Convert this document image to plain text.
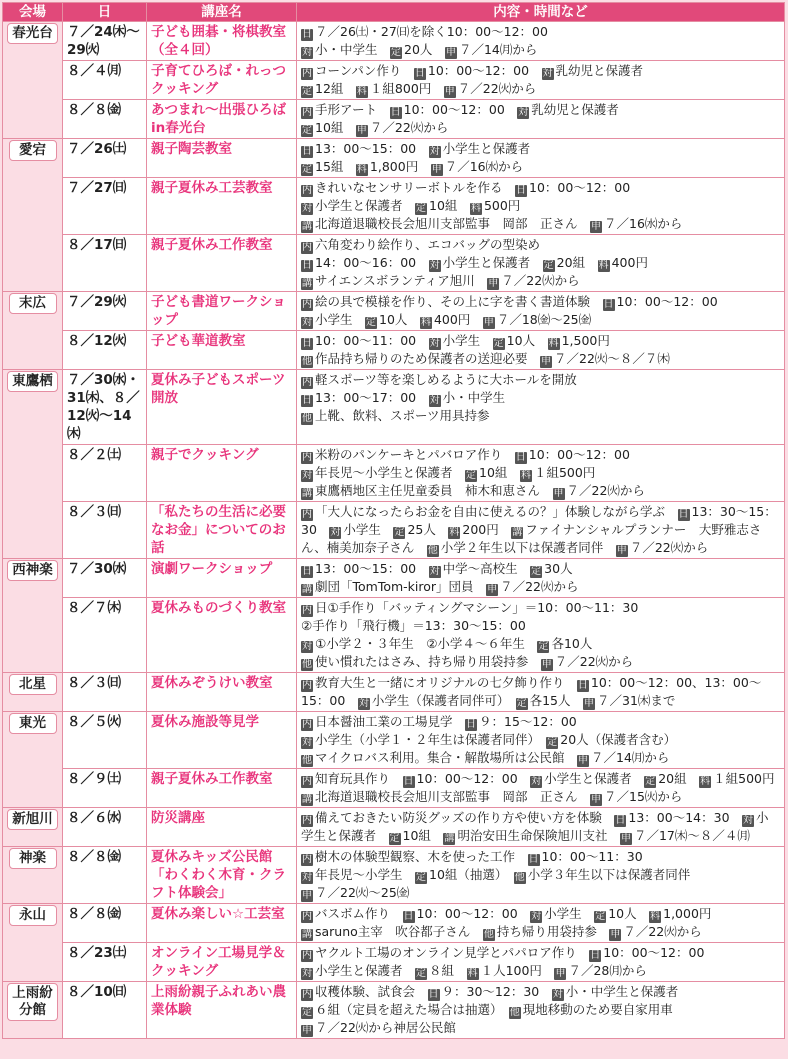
会場	日	講座名	内容・時間など
春光台	７／24㈭～29㈫	子ども囲碁・将棋教室（全４回）	日 ７／26㈯・27㈰を除く10：00～12：00
対 小・中学生　 定 20人　 申 ７／14㈪から

	８／４㈪	子育てひろば・れっつクッキング	内 コーンパン作り　 日 10：00～12：00　 対 乳幼児と保護者
定 12組　 料 １組800円　 申 ７／22㈫から

	８／８㈮	あつまれ～出張ひろばin春光台	内 手形アート　 日 10：00～12：00　 対 乳幼児と保護者
定 10組　 申 ７／22㈫から

愛宕	７／26㈯	親子陶芸教室	日 13：00～15：00　 対 小学生と保護者
定 15組　 料 1,800円　 申 ７／16㈬から

	７／27㈰	親子夏休み工芸教室	内 きれいなセンサリーボトルを作る　 日 10：00～12：00
対 小学生と保護者　 定 10組　 料 500円
講 北海道退職校長会旭川支部監事　岡部　正さん　 申 ７／16㈬から

	８／17㈰	親子夏休み工作教室	内 六角変わり絵作り、エコバッグの型染め
日 14：00～16：00　 対 小学生と保護者　 定 20組　 料 400円
講 サイエンスボランティア旭川　 申 ７／22㈫から

末広	７／29㈫	子ども書道ワークショップ	内 絵の具で模様を作り、その上に字を書く書道体験　 日 10：00～12：00
対 小学生　 定 10人　 料 400円　 申 ７／18㈮～25㈮

	８／12㈫	子ども華道教室	日 10：00～11：00　 対 小学生　 定 10人　 料 1,500円
他 作品持ち帰りのため保護者の送迎必要　 申 ７／22㈫～８／７㈭

東鷹栖	７／30㈬・31㈭、８／12㈫～14㈭	夏休み子どもスポーツ開放	内 軽スポーツ等を楽しめるように大ホールを開放
日 13：00～17：00　 対 小・中学生
他 上靴、飲料、スポーツ用具持参

	８／２㈯	親子でクッキング	内 米粉のパンケーキとパバロア作り　 日 10：00～12：00
対 年長児～小学生と保護者　 定 10組　 料 １組500円
講 東鷹栖地区主任児童委員　柿木和恵さん　 申 ７／22㈫から

	８／３㈰	「私たちの生活に必要なお金」についてのお話	内 「大人になったらお金を自由に使えるの？」体験しながら学ぶ　 日 13：30～15：30　 対 小学生　 定 25人　 料 200円　 講 ファイナンシャルプランナー　大野雅志さん、楠美加奈子さん　 他 小学２年生以下は保護者同伴　 申 ７／22㈫から

西神楽	７／30㈬	演劇ワークショップ	日 13：00～15：00　 対 中学～高校生　 定 30人
講 劇団「TomTom-kiror」団員　 申 ７／22㈫から

	８／７㈭	夏休みものづくり教室	内 日①手作り「バッティングマシーン」＝10：00～11：30
②手作り「飛行機」＝13：30～15：00
対 ①小学２・３年生　②小学４～６年生　 定 各10人
他 使い慣れたはさみ、持ち帰り用袋持参　 申 ７／22㈫から

北星	８／３㈰	夏休みぞうけい教室	内 教育大生と一緒にオリジナルの七夕飾り作り　 日 10：00～12：00、13：00～15：00　 対 小学生（保護者同伴可）　 定 各15人　 申 ７／31㈭まで

東光	８／５㈫	夏休み施設等見学	内 日本醤油工業の工場見学　 日 ９：15～12：00
対 小学生（小学１・２年生は保護者同伴）　 定 20人（保護者含む）
他 マイクロバス利用。集合・解散場所は公民館　 申 ７／14㈪から

	８／９㈯	親子夏休み工作教室	内 知育玩具作り　 日 10：00～12：00　 対 小学生と保護者　 定 20組　 料 １組500円　講 北海道退職校長会旭川支部監事　岡部　正さん　 申 ７／15㈫から

新旭川	８／６㈬	防災講座	内 備えておきたい防災グッズの作り方や使い方を体験　 日 13：00～14：30　 対 小学生と保護者　 定 10組　 講 明治安田生命保険旭川支社　 申 ７／17㈭～８／４㈪

神楽	８／８㈮	夏休みキッズ公民館「わくわく木育・クラフト体験会」	内 樹木の体験型観察、木を使った工作　 日 10：00～11：30
対 年長児～小学生　 定 10組（抽選）　 他 小学３年生以下は保護者同伴
申 ７／22㈫～25㈮

永山	８／８㈮	夏休み楽しい☆工芸室	内 バスボム作り　 日 10：00～12：00　 対 小学生　 定 10人　 料 1,000円
講 saruno主宰　吹谷都子さん　 他 持ち帰り用袋持参　 申 ７／22㈫から

	８／23㈯	オンライン工場見学＆クッキング	内 ヤクルト工場のオンライン見学とパパロア作り　 日 10：00～12：00
対 小学生と保護者　 定 ８組　 料 １人100円　 申 ７／28㈪から

上雨紛分館	８／10㈰	上雨紛親子ふれあい農業体験	内 収穫体験、試食会　 日 ９：30～12：30　 対 小・中学生と保護者
定 ６組（定員を超えた場合は抽選）　 他 現地移動のため要自家用車
申 ７／22㈫から神居公民館
